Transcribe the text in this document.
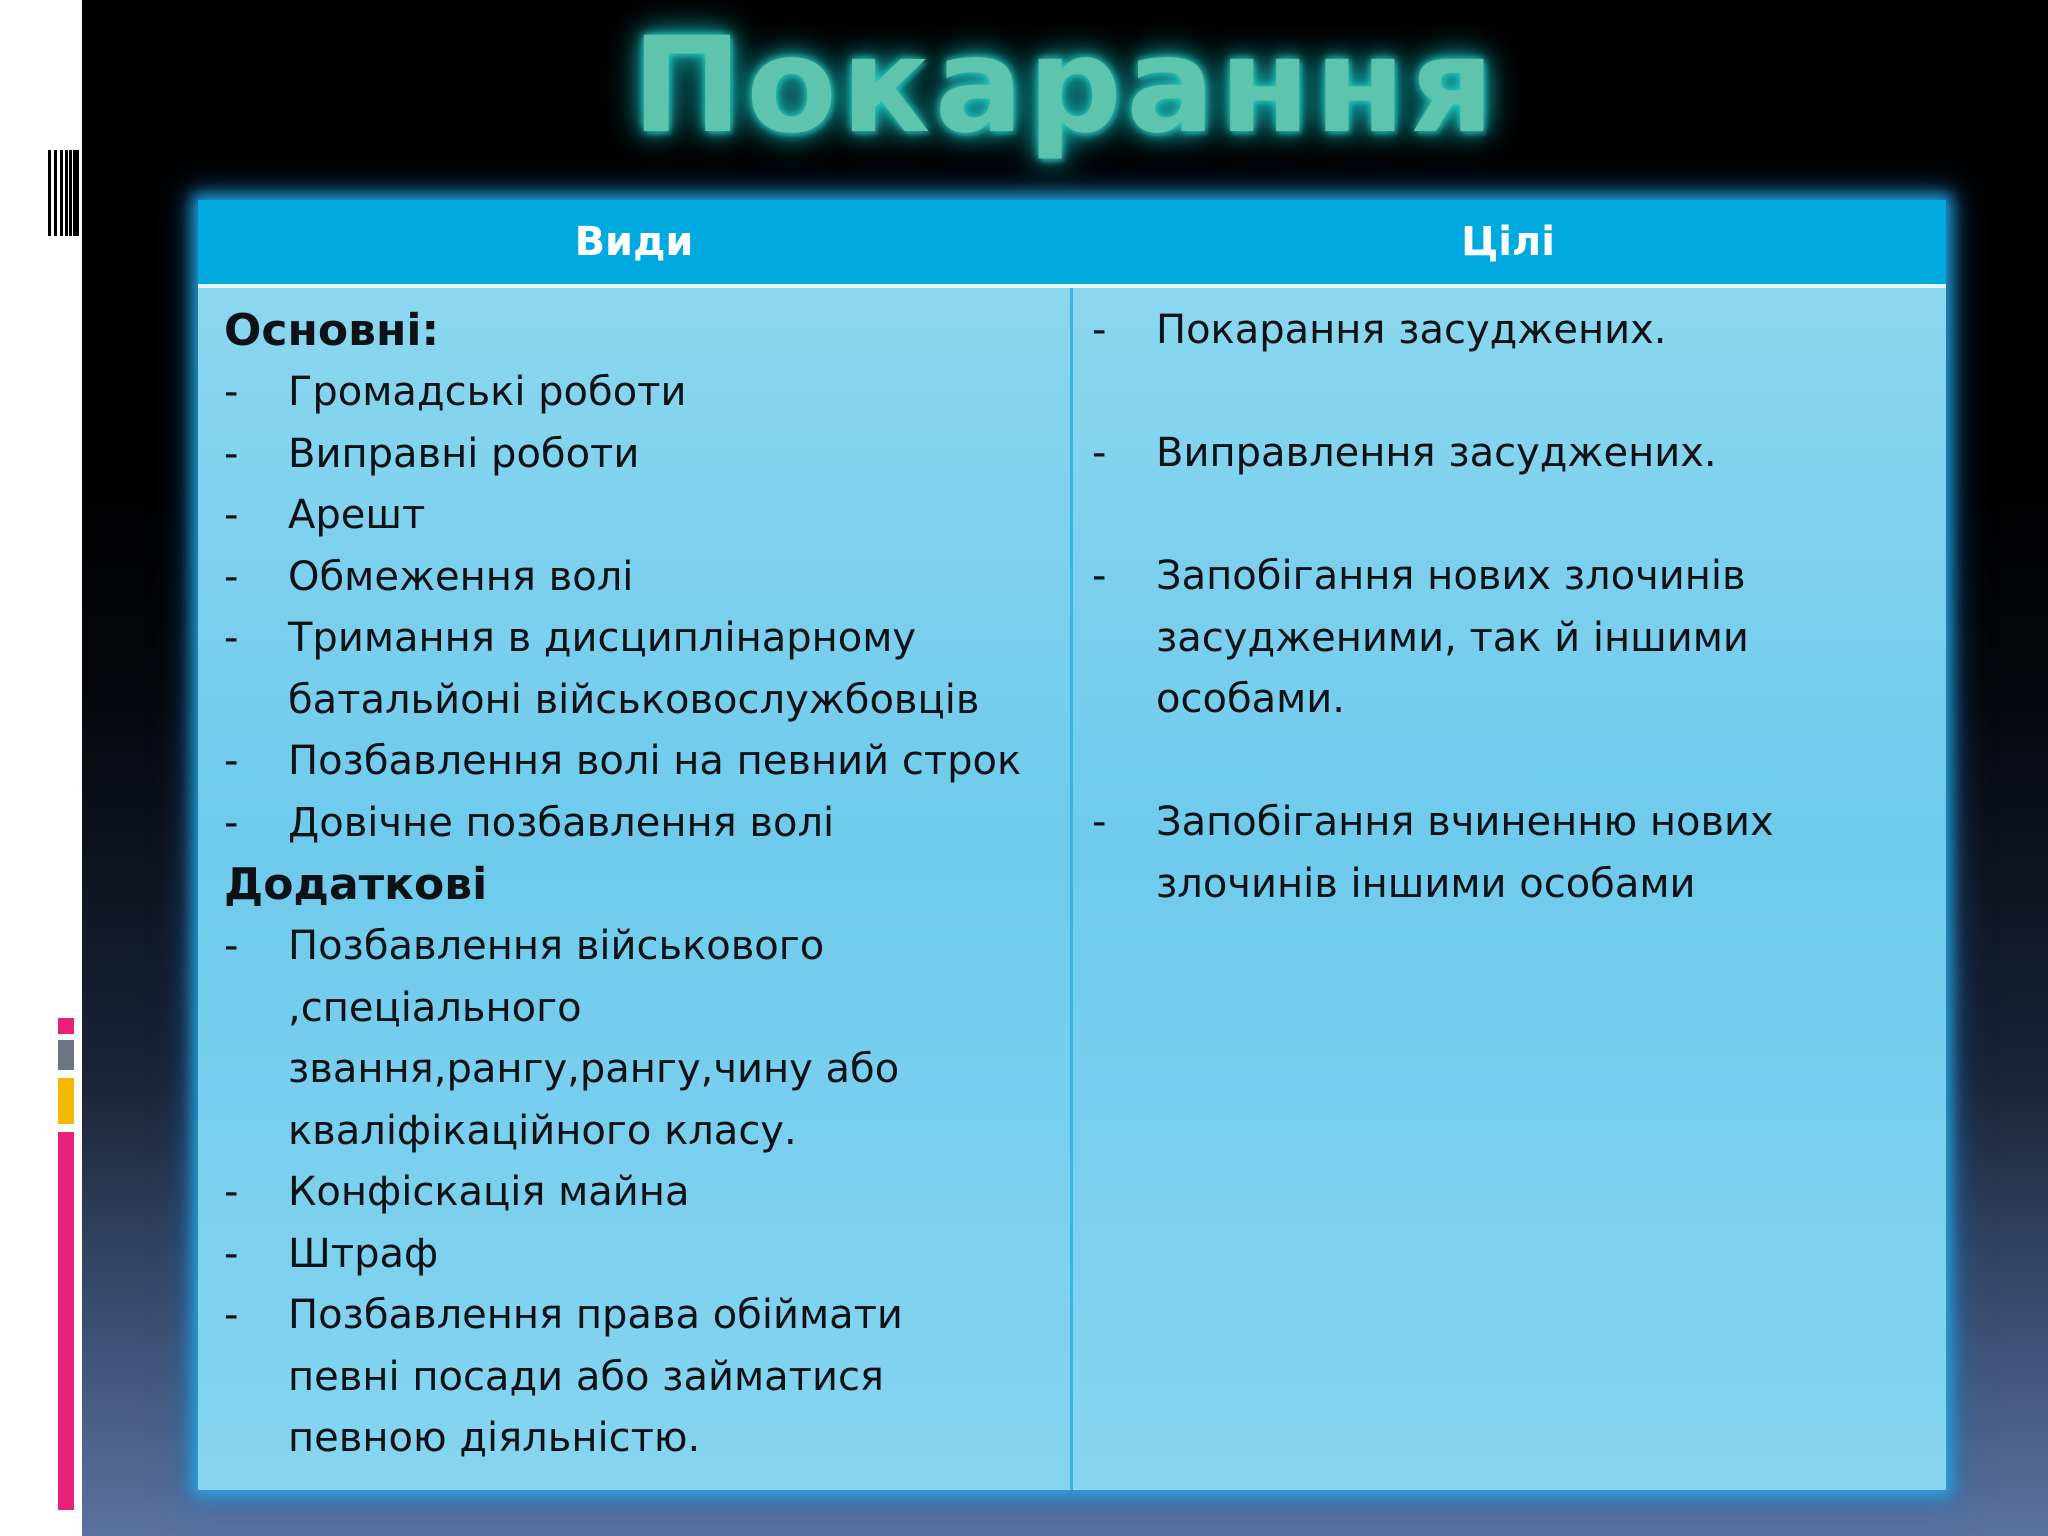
Покарання
Види	Цілі
Основні:
- Громадські роботи
- Виправні роботи
- Арешт
- Обмеження волі
- Тримання в дисциплінарному батальйоні військовослужбовців
- Позбавлення волі на певний строк
- Довічне позбавлення волі
Додаткові
- Позбавлення військового ,спеціального звання,рангу,рангу,чину або кваліфікаційного класу.
- Конфіскація майна
- Штраф
- Позбавлення права обіймати певні посади або займатися певною діяльністю.
- Покарання засуджених.
- Виправлення засуджених.
- Запобігання нових злочинів засудженими, так й іншими особами.
- Запобігання вчиненню нових злочинів іншими особами
